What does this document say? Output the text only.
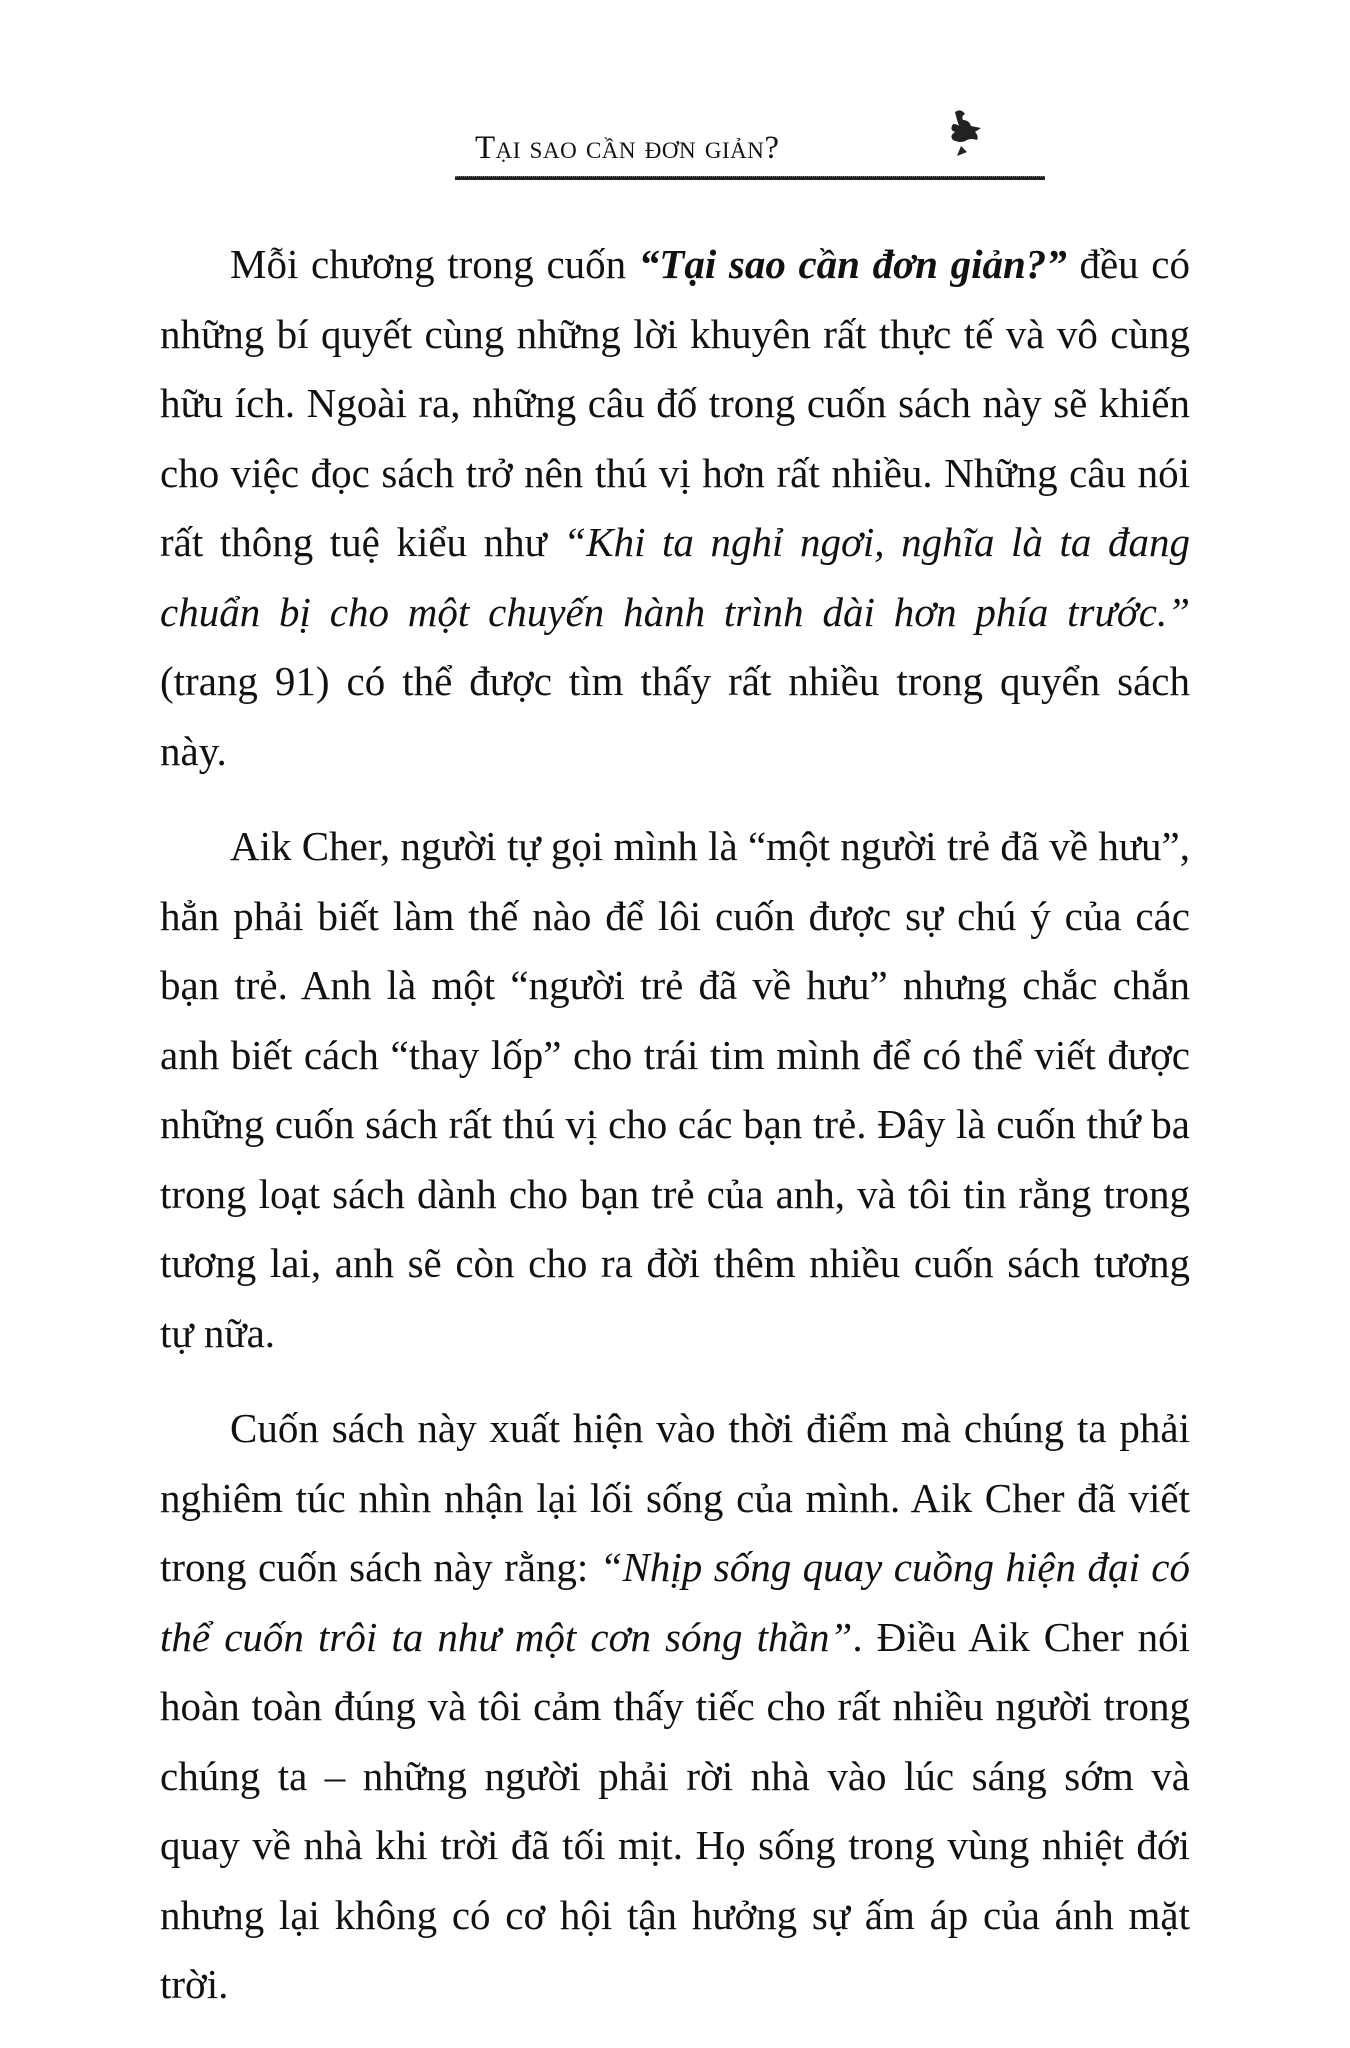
Tại sao cần đơn giản?

Mỗi chương trong cuốn “Tại sao cần đơn giản?” đều có những bí quyết cùng những lời khuyên rất thực tế và vô cùng hữu ích. Ngoài ra, những câu đố trong cuốn sách này sẽ khiến cho việc đọc sách trở nên thú vị hơn rất nhiều. Những câu nói rất thông tuệ kiểu như “Khi ta nghỉ ngơi, nghĩa là ta đang chuẩn bị cho một chuyến hành trình dài hơn phía trước.” (trang 91) có thể được tìm thấy rất nhiều trong quyển sách này.

Aik Cher, người tự gọi mình là “một người trẻ đã về hưu”, hẳn phải biết làm thế nào để lôi cuốn được sự chú ý của các bạn trẻ. Anh là một “người trẻ đã về hưu” nhưng chắc chắn anh biết cách “thay lốp” cho trái tim mình để có thể viết được những cuốn sách rất thú vị cho các bạn trẻ. Đây là cuốn thứ ba trong loạt sách dành cho bạn trẻ của anh, và tôi tin rằng trong tương lai, anh sẽ còn cho ra đời thêm nhiều cuốn sách tương tự nữa.

Cuốn sách này xuất hiện vào thời điểm mà chúng ta phải nghiêm túc nhìn nhận lại lối sống của mình. Aik Cher đã viết trong cuốn sách này rằng: “Nhịp sống quay cuồng hiện đại có thể cuốn trôi ta như một cơn sóng thần”. Điều Aik Cher nói hoàn toàn đúng và tôi cảm thấy tiếc cho rất nhiều người trong chúng ta – những người phải rời nhà vào lúc sáng sớm và quay về nhà khi trời đã tối mịt. Họ sống trong vùng nhiệt đới nhưng lại không có cơ hội tận hưởng sự ấm áp của ánh mặt trời.
